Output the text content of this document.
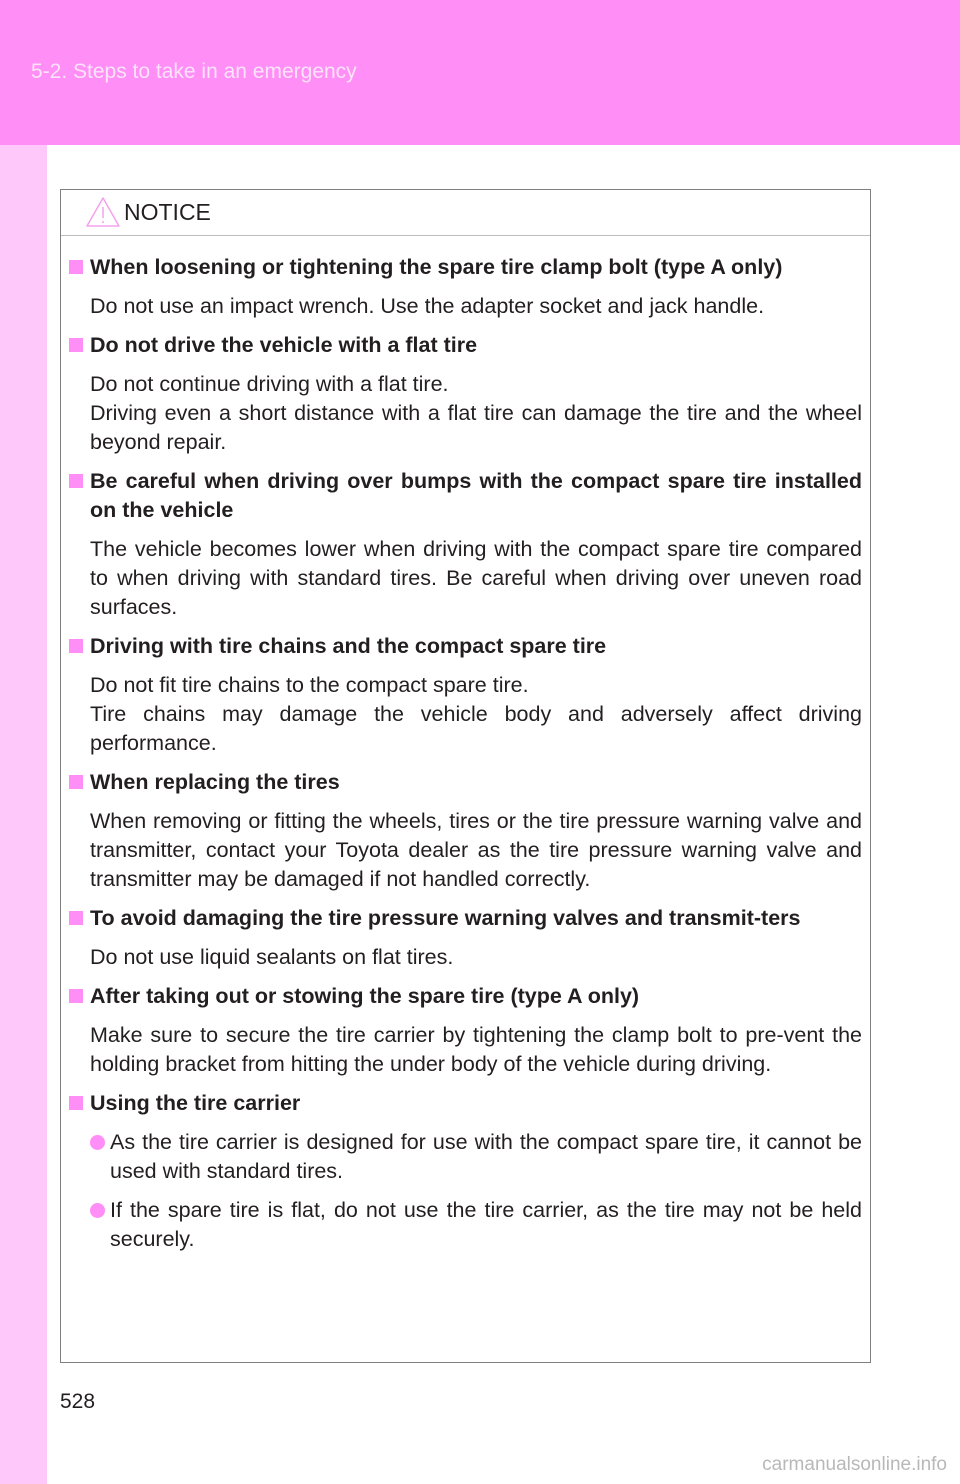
5-2. Steps to take in an emergency
NOTICE
When loosening or tightening the spare tire clamp bolt (type A only)
Do not use an impact wrench. Use the adapter socket and jack handle.
Do not drive the vehicle with a flat tire
Do not continue driving with a flat tire.
Driving even a short distance with a flat tire can damage the tire and the wheel beyond repair.
Be careful when driving over bumps with the compact spare tire installed on the vehicle
The vehicle becomes lower when driving with the compact spare tire compared to when driving with standard tires. Be careful when driving over uneven road surfaces.
Driving with tire chains and the compact spare tire
Do not fit tire chains to the compact spare tire.
Tire chains may damage the vehicle body and adversely affect driving performance.
When replacing the tires
When removing or fitting the wheels, tires or the tire pressure warning valve and transmitter, contact your Toyota dealer as the tire pressure warning valve and transmitter may be damaged if not handled correctly.
To avoid damaging the tire pressure warning valves and transmit-ters
Do not use liquid sealants on flat tires.
After taking out or stowing the spare tire (type A only)
Make sure to secure the tire carrier by tightening the clamp bolt to pre-vent the holding bracket from hitting the under body of the vehicle during driving.
Using the tire carrier
As the tire carrier is designed for use with the compact spare tire, it cannot be used with standard tires.
If the spare tire is flat, do not use the tire carrier, as the tire may not be held securely.
528
carmanualsonline.info
